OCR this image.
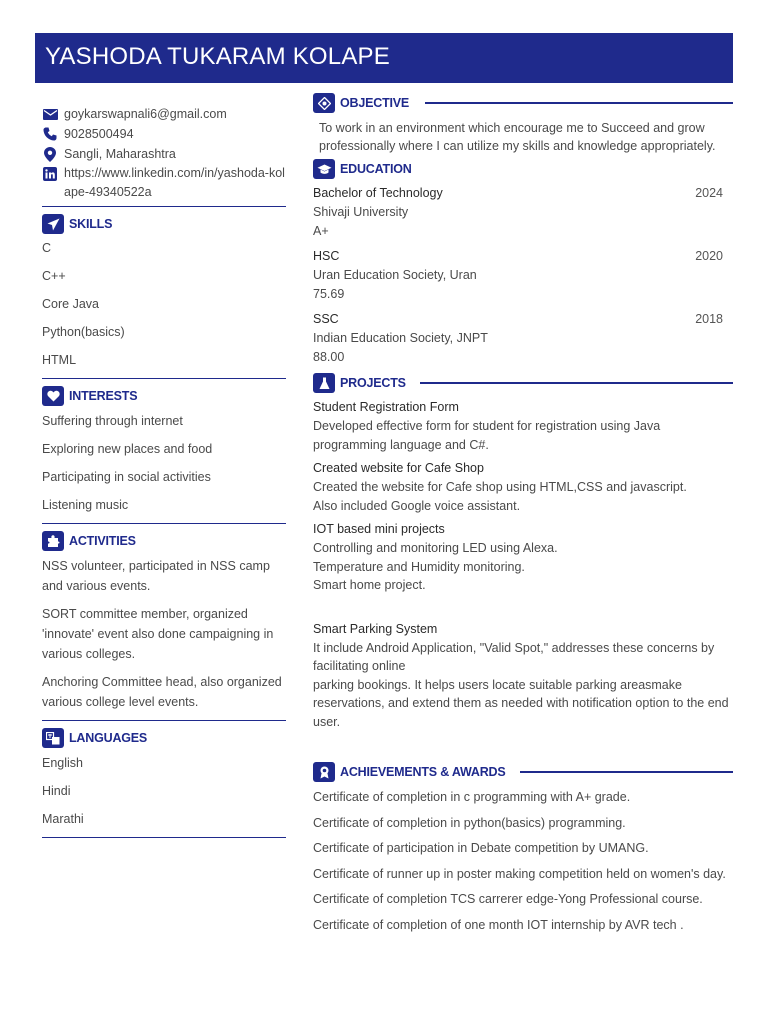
YASHODA TUKARAM KOLAPE
goykarswapnali6@gmail.com
9028500494
Sangli, Maharashtra
https://www.linkedin.com/in/yashoda-kolape-49340522a
SKILLS
C
C++
Core Java
Python(basics)
HTML
INTERESTS
Suffering through internet
Exploring new places and food
Participating in social activities
Listening music
ACTIVITIES
NSS volunteer, participated in NSS camp and various events.
SORT committee member, organized 'innovate' event also done campaigning in various colleges.
Anchoring Committee head, also organized various college level events.
LANGUAGES
English
Hindi
Marathi
OBJECTIVE
To work in an environment which encourage me to Succeed and grow professionally where I can utilize my skills and knowledge appropriately.
EDUCATION
Bachelor of Technology	2024
Shivaji University
A+
HSC	2020
Uran Education Society, Uran
75.69
SSC	2018
Indian Education Society, JNPT
88.00
PROJECTS
Student Registration Form
Developed effective form for student for registration using Java programming language and C#.
Created website for Cafe Shop
Created the website for Cafe shop using HTML,CSS and javascript.
Also included Google voice assistant.
IOT based mini projects
Controlling and monitoring LED using Alexa.
Temperature and Humidity monitoring.
Smart home project.
Smart Parking System
It include Android Application, "Valid Spot," addresses these concerns by facilitating online
parking bookings. It helps users locate suitable parking areasmake reservations, and extend them as needed with notification option to the end user.
ACHIEVEMENTS & AWARDS
Certificate of completion in c programming with A+ grade.
Certificate of completion in python(basics) programming.
Certificate of participation in Debate competition by UMANG.
Certificate of runner up in poster making competition held on women's day.
Certificate of completion TCS carrerer edge-Yong Professional course.
Certificate of completion of one month IOT internship by AVR tech .
